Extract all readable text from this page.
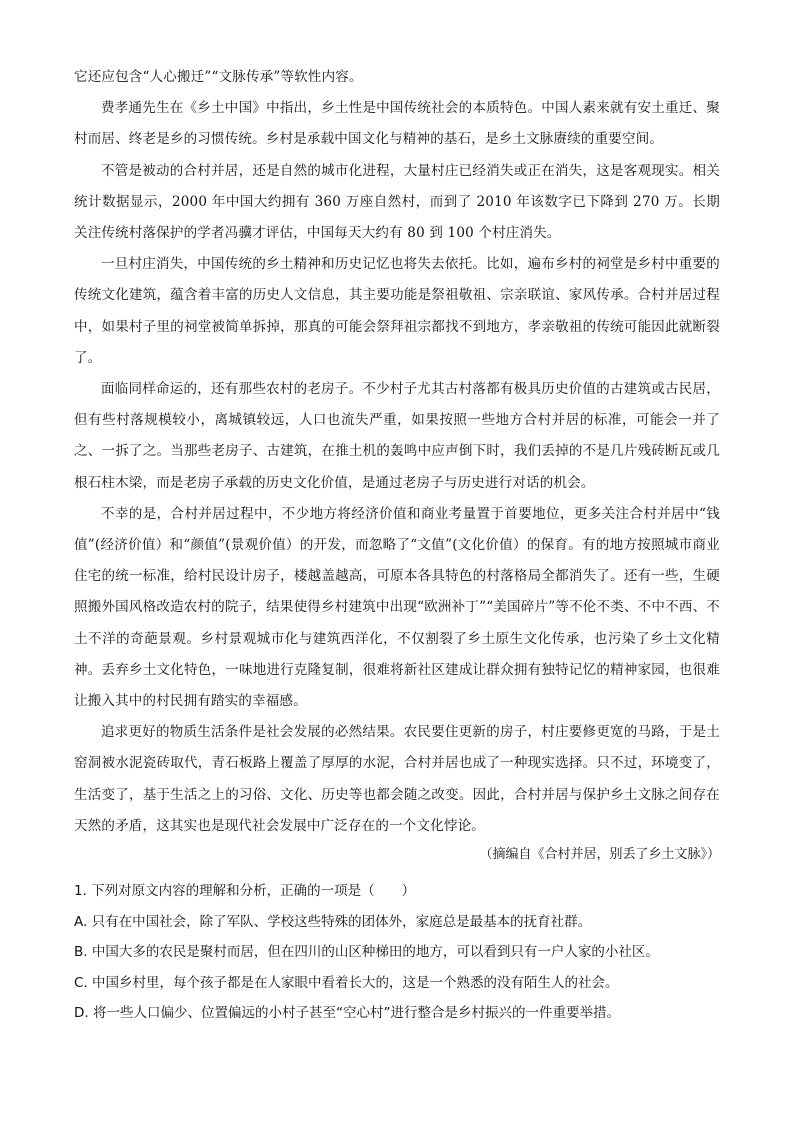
它还应包含“人心搬迁”“文脉传承”等软性内容。

费孝通先生在《乡土中国》中指出，乡土性是中国传统社会的本质特色。中国人素来就有安土重迁、聚村而居、终老是乡的习惯传统。乡村是承载中国文化与精神的基石，是乡土文脉赓续的重要空间。

不管是被动的合村并居，还是自然的城市化进程，大量村庄已经消失或正在消失，这是客观现实。相关统计数据显示，2000 年中国大约拥有 360 万座自然村，而到了 2010 年该数字已下降到 270 万。长期关注传统村落保护的学者冯骥才评估，中国每天大约有 80 到 100 个村庄消失。

一旦村庄消失，中国传统的乡土精神和历史记忆也将失去依托。比如，遍布乡村的祠堂是乡村中重要的传统文化建筑，蕴含着丰富的历史人文信息，其主要功能是祭祖敬祖、宗亲联谊、家风传承。合村并居过程中，如果村子里的祠堂被简单拆掉，那真的可能会祭拜祖宗都找不到地方，孝亲敬祖的传统可能因此就断裂了。

面临同样命运的，还有那些农村的老房子。不少村子尤其古村落都有极具历史价值的古建筑或古民居，但有些村落规模较小，离城镇较远，人口也流失严重，如果按照一些地方合村并居的标准，可能会一并了之、一拆了之。当那些老房子、古建筑，在推土机的轰鸣中应声倒下时，我们丢掉的不是几片残砖断瓦或几根石柱木梁，而是老房子承载的历史文化价值，是通过老房子与历史进行对话的机会。

不幸的是，合村并居过程中，不少地方将经济价值和商业考量置于首要地位，更多关注合村并居中“钱值”(经济价值）和“颜值”(景观价值）的开发，而忽略了“文值”(文化价值）的保育。有的地方按照城市商业住宅的统一标准，给村民设计房子，楼越盖越高，可原本各具特色的村落格局全都消失了。还有一些，生硬照搬外国风格改造农村的院子，结果使得乡村建筑中出现“欧洲补丁”“美国碎片”等不伦不类、不中不西、不土不洋的奇葩景观。乡村景观城市化与建筑西洋化，不仅割裂了乡土原生文化传承，也污染了乡土文化精神。丢弃乡土文化特色，一味地进行克隆复制，很难将新社区建成让群众拥有独特记忆的精神家园，也很难让搬入其中的村民拥有踏实的幸福感。

追求更好的物质生活条件是社会发展的必然结果。农民要住更新的房子，村庄要修更宽的马路，于是土窑洞被水泥瓷砖取代，青石板路上覆盖了厚厚的水泥，合村并居也成了一种现实选择。只不过，环境变了，生活变了，基于生活之上的习俗、文化、历史等也都会随之改变。因此，合村并居与保护乡土文脉之间存在天然的矛盾，这其实也是现代社会发展中广泛存在的一个文化悖论。

（摘编自《合村并居，别丢了乡土文脉》）
1. 下列对原文内容的理解和分析，正确的一项是（　　）
A. 只有在中国社会，除了军队、学校这些特殊的团体外，家庭总是最基本的抚育社群。
B. 中国大多的农民是聚村而居，但在四川的山区种梯田的地方，可以看到只有一户人家的小社区。
C. 中国乡村里，每个孩子都是在人家眼中看着长大的，这是一个熟悉的没有陌生人的社会。
D. 将一些人口偏少、位置偏远的小村子甚至“空心村”进行整合是乡村振兴的一件重要举措。
